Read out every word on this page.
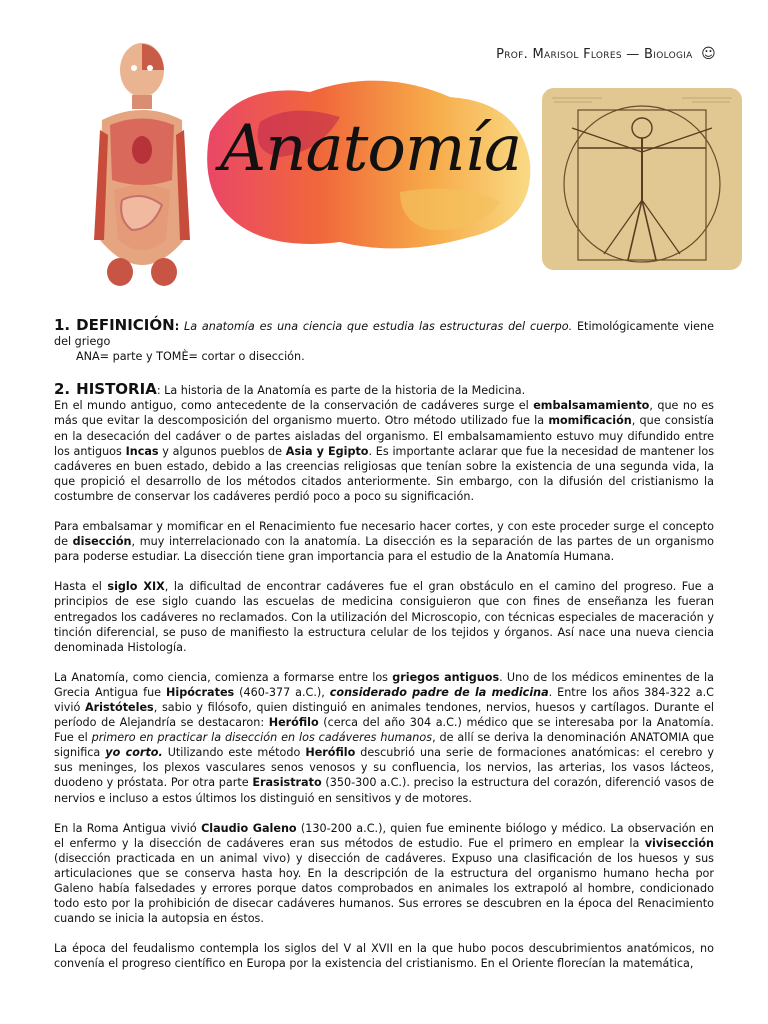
Prof. Marisol Flores — Biologia ☺
Anatomía

1. DEFINICIÓN: La anatomía es una ciencia que estudia las estructuras del cuerpo. Etimológicamente viene del griego
ANA= parte y TOMÈ= cortar o disección.

2. HISTORIA: La historia de la Anatomía es parte de la historia de la Medicina.
En el mundo antiguo, como antecedente de la conservación de cadáveres surge el embalsamamiento, que no es más que evitar la descomposición del organismo muerto. Otro método utilizado fue la momificación, que consistía en la desecación del cadáver o de partes aisladas del organismo. El embalsamamiento estuvo muy difundido entre los antiguos Incas y algunos pueblos de Asia y Egipto. Es importante aclarar que fue la necesidad de mantener los cadáveres en buen estado, debido a las creencias religiosas que tenían sobre la existencia de una segunda vida, la que propició el desarrollo de los métodos citados anteriormente. Sin embargo, con la difusión del cristianismo la costumbre de conservar los cadáveres perdió poco a poco su significación.

Para embalsamar y momificar en el Renacimiento fue necesario hacer cortes, y con este proceder surge el concepto de disección, muy interrelacionado con la anatomía. La disección es la separación de las partes de un organismo para poderse estudiar. La disección tiene gran importancia para el estudio de la Anatomía Humana.

Hasta el siglo XIX, la dificultad de encontrar cadáveres fue el gran obstáculo en el camino del progreso. Fue a principios de ese siglo cuando las escuelas de medicina consiguieron que con fines de enseñanza les fueran entregados los cadáveres no reclamados. Con la utilización del Microscopio, con técnicas especiales de maceración y tinción diferencial, se puso de manifiesto la estructura celular de los tejidos y órganos. Así nace una nueva ciencia denominada Histología.

La Anatomía, como ciencia, comienza a formarse entre los griegos antiguos. Uno de los médicos eminentes de la Grecia Antigua fue Hipócrates (460-377 a.C.), considerado padre de la medicina. Entre los años 384-322 a.C vivió Aristóteles, sabio y filósofo, quien distinguió en animales tendones, nervios, huesos y cartílagos. Durante el período de Alejandría se destacaron: Herófilo (cerca del año 304 a.C.) médico que se interesaba por la Anatomía. Fue el primero en practicar la disección en los cadáveres humanos, de allí se deriva la denominación ANATOMIA que significa yo corto. Utilizando este método Herófilo descubrió una serie de formaciones anatómicas: el cerebro y sus meninges, los plexos vasculares senos venosos y su confluencia, los nervios, las arterias, los vasos lácteos, duodeno y próstata. Por otra parte Erasistrato (350-300 a.C.). preciso la estructura del corazón, diferenció vasos de nervios e incluso a estos últimos los distinguió en sensitivos y de motores.

En la Roma Antigua vivió Claudio Galeno (130-200 a.C.), quien fue eminente biólogo y médico. La observación en el enfermo y la disección de cadáveres eran sus métodos de estudio. Fue el primero en emplear la vivisección (disección practicada en un animal vivo) y disección de cadáveres. Expuso una clasificación de los huesos y sus articulaciones que se conserva hasta hoy. En la descripción de la estructura del organismo humano hecha por Galeno había falsedades y errores porque datos comprobados en animales los extrapoló al hombre, condicionado todo esto por la prohibición de disecar cadáveres humanos. Sus errores se descubren en la época del Renacimiento cuando se inicia la autopsia en éstos.

La época del feudalismo contempla los siglos del V al XVII en la que hubo pocos descubrimientos anatómicos, no convenía el progreso científico en Europa por la existencia del cristianismo. En el Oriente florecían la matemática,
